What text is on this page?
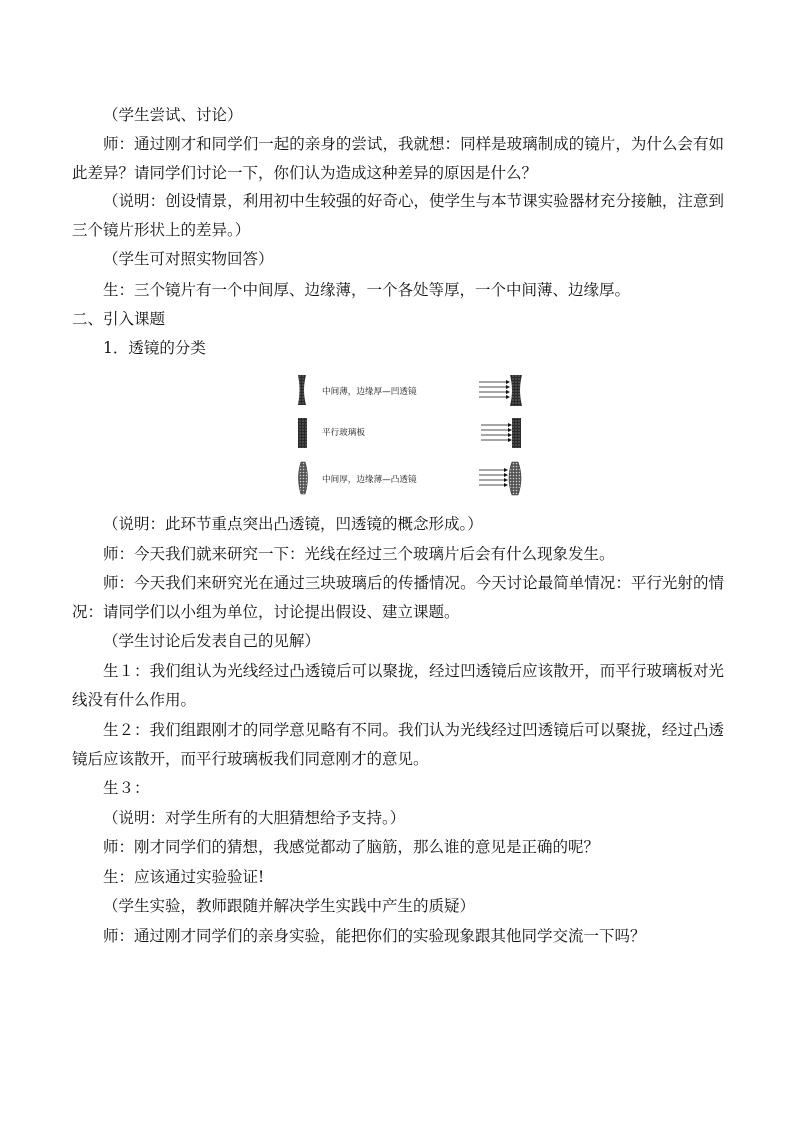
（学生尝试、讨论）

师：通过刚才和同学们一起的亲身的尝试，我就想：同样是玻璃制成的镜片，为什么会有如此差异？请同学们讨论一下，你们认为造成这种差异的原因是什么？

（说明：创设情景，利用初中生较强的好奇心，使学生与本节课实验器材充分接触，注意到三个镜片形状上的差异。）

（学生可对照实物回答）

生：三个镜片有一个中间厚、边缘薄，一个各处等厚，一个中间薄、边缘厚。

二、引入课题

1．透镜的分类

中间薄，边缘厚—凹透镜
平行玻璃板
中间厚，边缘薄—凸透镜

（说明：此环节重点突出凸透镜，凹透镜的概念形成。）

师：今天我们就来研究一下：光线在经过三个玻璃片后会有什么现象发生。

师：今天我们来研究光在通过三块玻璃后的传播情况。今天讨论最简单情况：平行光射的情况：请同学们以小组为单位，讨论提出假设、建立课题。

（学生讨论后发表自己的见解）

生１：我们组认为光线经过凸透镜后可以聚拢，经过凹透镜后应该散开，而平行玻璃板对光线没有什么作用。

生２：我们组跟刚才的同学意见略有不同。我们认为光线经过凹透镜后可以聚拢，经过凸透镜后应该散开，而平行玻璃板我们同意刚才的意见。

生３：

（说明：对学生所有的大胆猜想给予支持。）

师：刚才同学们的猜想，我感觉都动了脑筋，那么谁的意见是正确的呢？

生：应该通过实验验证!

（学生实验，教师跟随并解决学生实践中产生的质疑）

师：通过刚才同学们的亲身实验，能把你们的实验现象跟其他同学交流一下吗？
